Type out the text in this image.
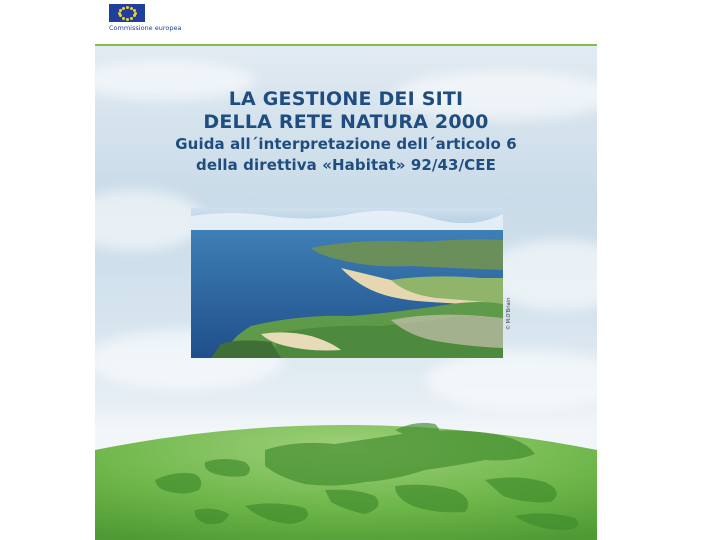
Commissione europea
LA GESTIONE DEI SITI
DELLA RETE NATURA 2000
Guida all´interpretazione dell´articolo 6
della direttiva «Habitat» 92/43/CEE
© M.O'Briain
